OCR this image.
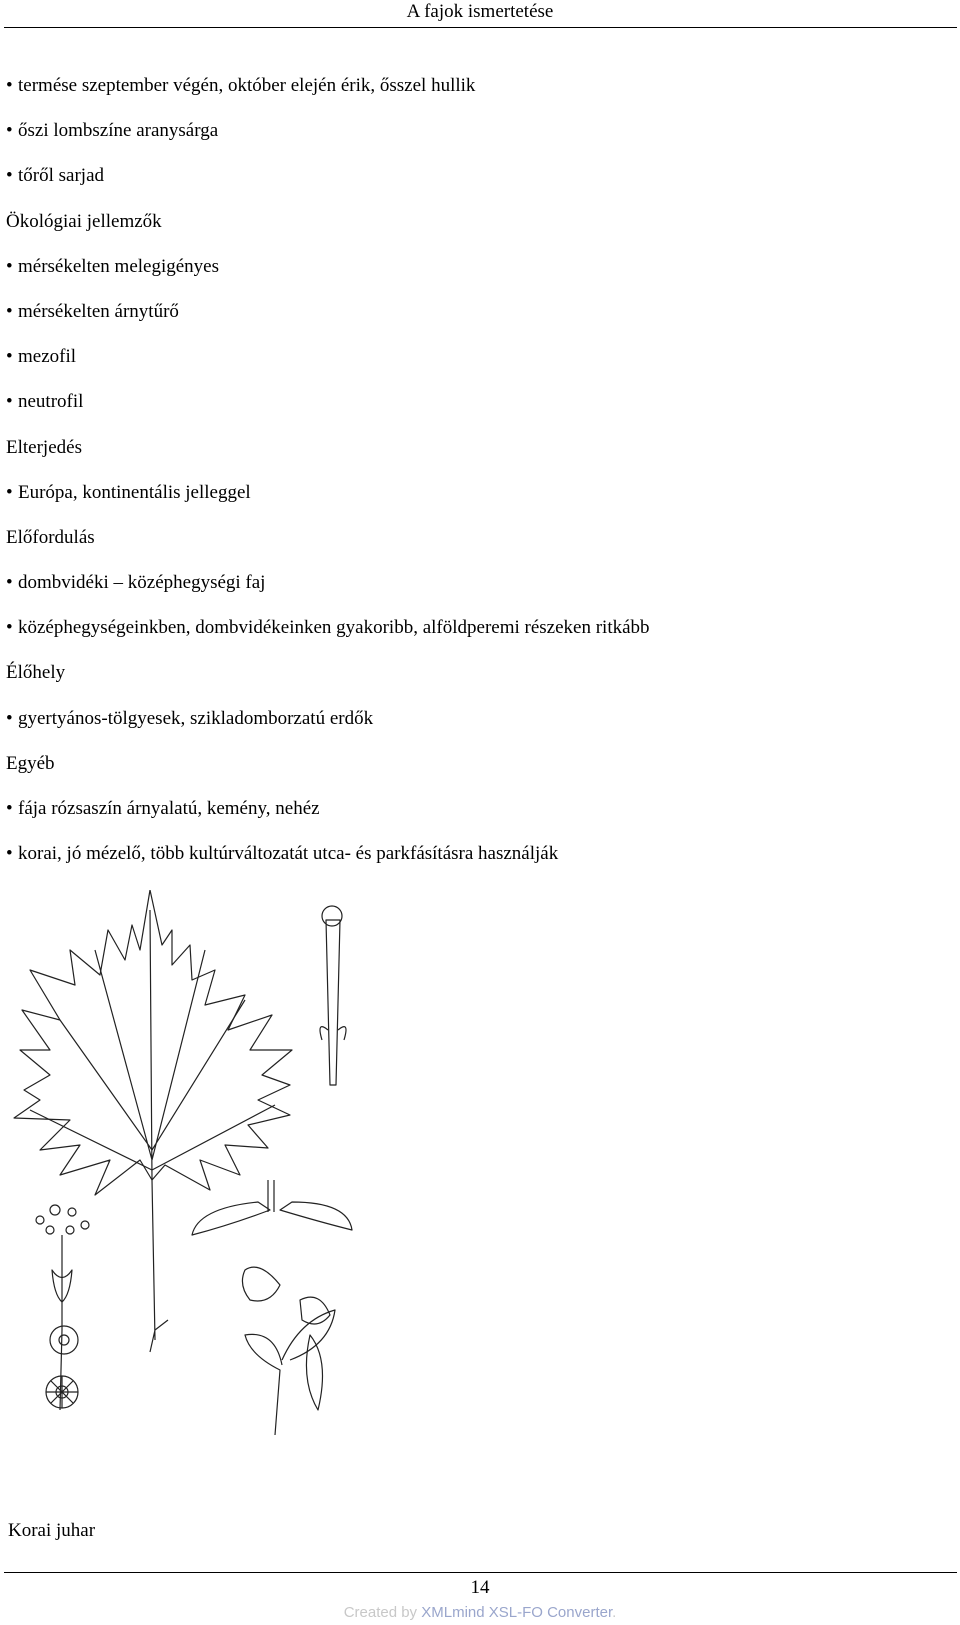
A fajok ismertetése
• termése szeptember végén, október elején érik, ősszel hullik
• őszi lombszíne aranysárga
• tőről sarjad
Ökológiai jellemzők
• mérsékelten melegigényes
• mérsékelten árnytűrő
• mezofil
• neutrofil
Elterjedés
• Európa, kontinentális jelleggel
Előfordulás
• dombvidéki – középhegységi faj
• középhegységeinkben, dombvidékeinken gyakoribb, alföldperemi részeken ritkább
Élőhely
• gyertyános-tölgyesek, szikladomborzatú erdők
Egyéb
• fája rózsaszín árnyalatú, kemény, nehéz
• korai, jó mézelő, több kultúrváltozatát utca- és parkfásításra használják
Korai juhar
14
Created by XMLmind XSL-FO Converter.
